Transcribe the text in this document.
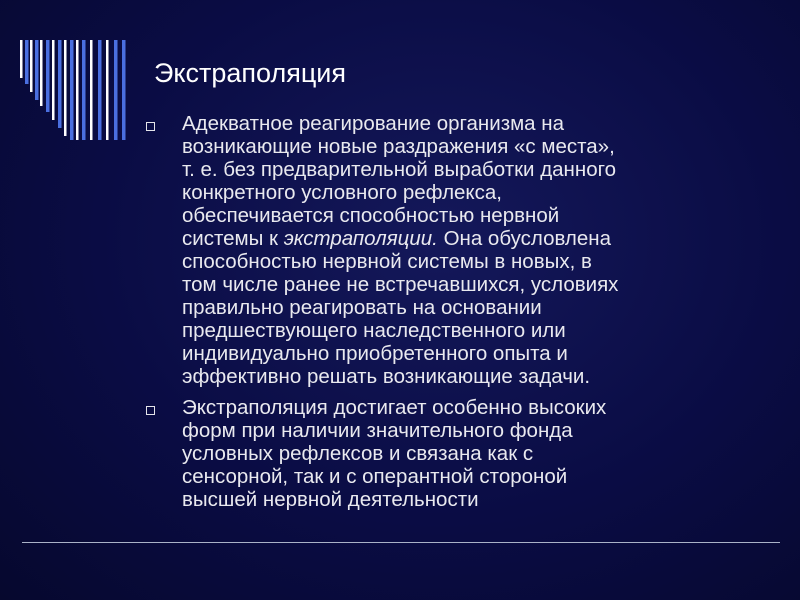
Экстраполяция
Адекватное реагирование организма на
возникающие новые раздражения «с места»,
т. е. без предварительной выработки данного
конкретного условного рефлекса,
обеспечивается способностью нервной
системы к экстраполяции. Она обусловлена
способностью нервной системы в новых, в
том числе ранее не встречавшихся, условиях
правильно реагировать на основании
предшествующего наследственного или
индивидуально приобретенного опыта и
эффективно решать возникающие задачи.
Экстраполяция достигает особенно высоких
форм при наличии значительного фонда
условных рефлексов и связана как с
сенсорной, так и с оперантной стороной
высшей нервной деятельности
